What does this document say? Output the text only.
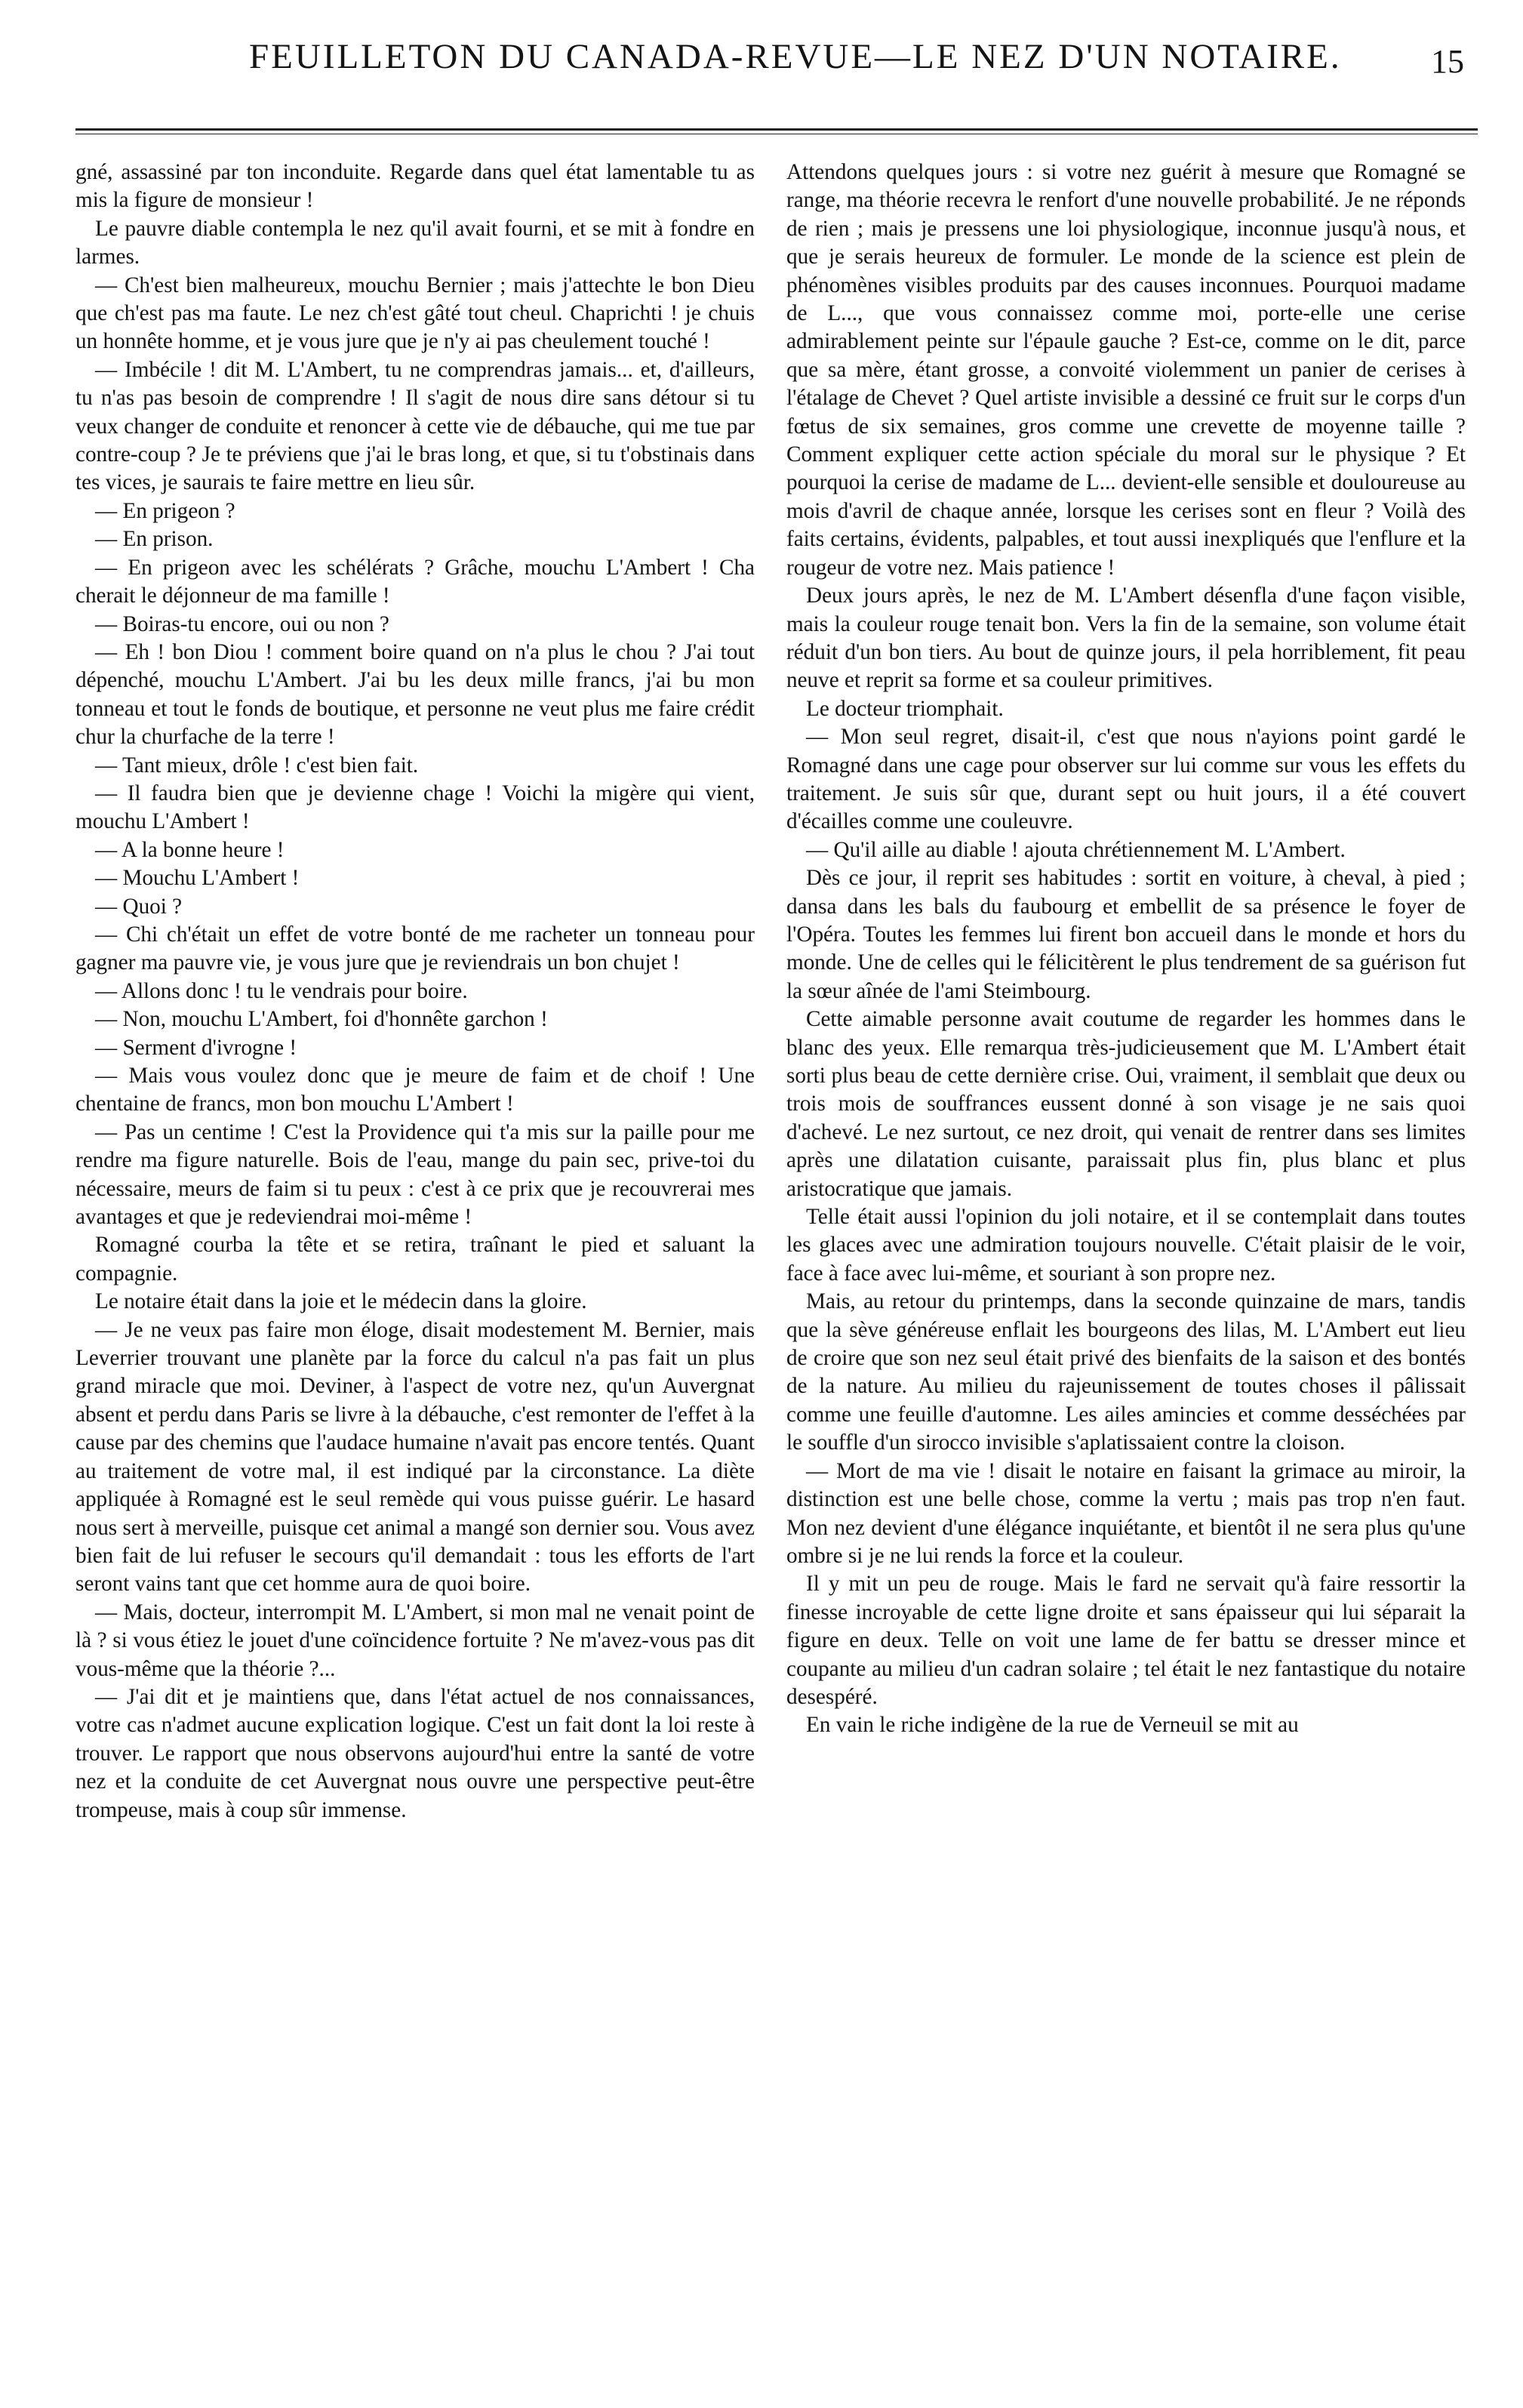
FEUILLETON DU CANADA-REVUE—LE NEZ D'UN NOTAIRE.	15

gné, assassiné par ton inconduite. Regarde dans quel état lamentable tu as mis la figure de monsieur !

Le pauvre diable contempla le nez qu'il avait fourni, et se mit à fondre en larmes.

— Ch'est bien malheureux, mouchu Bernier ; mais j'attechte le bon Dieu que ch'est pas ma faute. Le nez ch'est gâté tout cheul. Chaprichti ! je chuis un honnête homme, et je vous jure que je n'y ai pas cheulement touché !

— Imbécile ! dit M. L'Ambert, tu ne comprendras jamais... et, d'ailleurs, tu n'as pas besoin de comprendre ! Il s'agit de nous dire sans détour si tu veux changer de conduite et renoncer à cette vie de débauche, qui me tue par contre-coup ? Je te préviens que j'ai le bras long, et que, si tu t'obstinais dans tes vices, je saurais te faire mettre en lieu sûr.

— En prigeon ?

— En prison.

— En prigeon avec les schélérats ? Grâche, mouchu L'Ambert ! Cha cherait le déjonneur de ma famille !

— Boiras-tu encore, oui ou non ?

— Eh ! bon Diou ! comment boire quand on n'a plus le chou ? J'ai tout dépenché, mouchu L'Ambert. J'ai bu les deux mille francs, j'ai bu mon tonneau et tout le fonds de boutique, et personne ne veut plus me faire crédit chur la churfache de la terre !

— Tant mieux, drôle ! c'est bien fait.

— Il faudra bien que je devienne chage ! Voichi la migère qui vient, mouchu L'Ambert !

— A la bonne heure !

— Mouchu L'Ambert !

— Quoi ?

— Chi ch'était un effet de votre bonté de me racheter un tonneau pour gagner ma pauvre vie, je vous jure que je reviendrais un bon chujet !

— Allons donc ! tu le vendrais pour boire.

— Non, mouchu L'Ambert, foi d'honnête garchon !

— Serment d'ivrogne !

— Mais vous voulez donc que je meure de faim et de choif ! Une chentaine de francs, mon bon mouchu L'Ambert !

— Pas un centime ! C'est la Providence qui t'a mis sur la paille pour me rendre ma figure naturelle. Bois de l'eau, mange du pain sec, prive-toi du nécessaire, meurs de faim si tu peux : c'est à ce prix que je recouvrerai mes avantages et que je redeviendrai moi-même !

Romagné courba la tête et se retira, traînant le pied et saluant la compagnie.

Le notaire était dans la joie et le médecin dans la gloire.

— Je ne veux pas faire mon éloge, disait modestement M. Bernier, mais Leverrier trouvant une planète par la force du calcul n'a pas fait un plus grand miracle que moi. Deviner, à l'aspect de votre nez, qu'un Auvergnat absent et perdu dans Paris se livre à la débauche, c'est remonter de l'effet à la cause par des chemins que l'audace humaine n'avait pas encore tentés. Quant au traitement de votre mal, il est indiqué par la circonstance. La diète appliquée à Romagné est le seul remède qui vous puisse guérir. Le hasard nous sert à merveille, puisque cet animal a mangé son dernier sou. Vous avez bien fait de lui refuser le secours qu'il demandait : tous les efforts de l'art seront vains tant que cet homme aura de quoi boire.

— Mais, docteur, interrompit M. L'Ambert, si mon mal ne venait point de là ? si vous étiez le jouet d'une coïncidence fortuite ? Ne m'avez-vous pas dit vous-même que la théorie ?...

— J'ai dit et je maintiens que, dans l'état actuel de nos connaissances, votre cas n'admet aucune explication logique. C'est un fait dont la loi reste à trouver. Le rapport que nous observons aujourd'hui entre la santé de votre nez et la conduite de cet Auvergnat nous ouvre une perspective peut-être trompeuse, mais à coup sûr immense.

Attendons quelques jours : si votre nez guérit à mesure que Romagné se range, ma théorie recevra le renfort d'une nouvelle probabilité. Je ne réponds de rien ; mais je pressens une loi physiologique, inconnue jusqu'à nous, et que je serais heureux de formuler. Le monde de la science est plein de phénomènes visibles produits par des causes inconnues. Pourquoi madame de L..., que vous connaissez comme moi, porte-elle une cerise admirablement peinte sur l'épaule gauche ? Est-ce, comme on le dit, parce que sa mère, étant grosse, a convoité violemment un panier de cerises à l'étalage de Chevet ? Quel artiste invisible a dessiné ce fruit sur le corps d'un fœtus de six semaines, gros comme une crevette de moyenne taille ? Comment expliquer cette action spéciale du moral sur le physique ? Et pourquoi la cerise de madame de L... devient-elle sensible et douloureuse au mois d'avril de chaque année, lorsque les cerises sont en fleur ? Voilà des faits certains, évidents, palpables, et tout aussi inexpliqués que l'enflure et la rougeur de votre nez. Mais patience !

Deux jours après, le nez de M. L'Ambert désenfla d'une façon visible, mais la couleur rouge tenait bon. Vers la fin de la semaine, son volume était réduit d'un bon tiers. Au bout de quinze jours, il pela horriblement, fit peau neuve et reprit sa forme et sa couleur primitives.

Le docteur triomphait.

— Mon seul regret, disait-il, c'est que nous n'ayions point gardé le Romagné dans une cage pour observer sur lui comme sur vous les effets du traitement. Je suis sûr que, durant sept ou huit jours, il a été couvert d'écailles comme une couleuvre.

— Qu'il aille au diable ! ajouta chrétiennement M. L'Ambert.

Dès ce jour, il reprit ses habitudes : sortit en voiture, à cheval, à pied ; dansa dans les bals du faubourg et embellit de sa présence le foyer de l'Opéra. Toutes les femmes lui firent bon accueil dans le monde et hors du monde. Une de celles qui le félicitèrent le plus tendrement de sa guérison fut la sœur aînée de l'ami Steimbourg.

Cette aimable personne avait coutume de regarder les hommes dans le blanc des yeux. Elle remarqua très-judicieusement que M. L'Ambert était sorti plus beau de cette dernière crise. Oui, vraiment, il semblait que deux ou trois mois de souffrances eussent donné à son visage je ne sais quoi d'achevé. Le nez surtout, ce nez droit, qui venait de rentrer dans ses limites après une dilatation cuisante, paraissait plus fin, plus blanc et plus aristocratique que jamais.

Telle était aussi l'opinion du joli notaire, et il se contemplait dans toutes les glaces avec une admiration toujours nouvelle. C'était plaisir de le voir, face à face avec lui-même, et souriant à son propre nez.

Mais, au retour du printemps, dans la seconde quinzaine de mars, tandis que la sève généreuse enflait les bourgeons des lilas, M. L'Ambert eut lieu de croire que son nez seul était privé des bienfaits de la saison et des bontés de la nature. Au milieu du rajeunissement de toutes choses il pâlissait comme une feuille d'automne. Les ailes amincies et comme desséchées par le souffle d'un sirocco invisible s'aplatissaient contre la cloison.

— Mort de ma vie ! disait le notaire en faisant la grimace au miroir, la distinction est une belle chose, comme la vertu ; mais pas trop n'en faut. Mon nez devient d'une élégance inquiétante, et bientôt il ne sera plus qu'une ombre si je ne lui rends la force et la couleur.

Il y mit un peu de rouge. Mais le fard ne servait qu'à faire ressortir la finesse incroyable de cette ligne droite et sans épaisseur qui lui séparait la figure en deux. Telle on voit une lame de fer battu se dresser mince et coupante au milieu d'un cadran solaire ; tel était le nez fantastique du notaire desespéré.

En vain le riche indigène de la rue de Verneuil se mit au
